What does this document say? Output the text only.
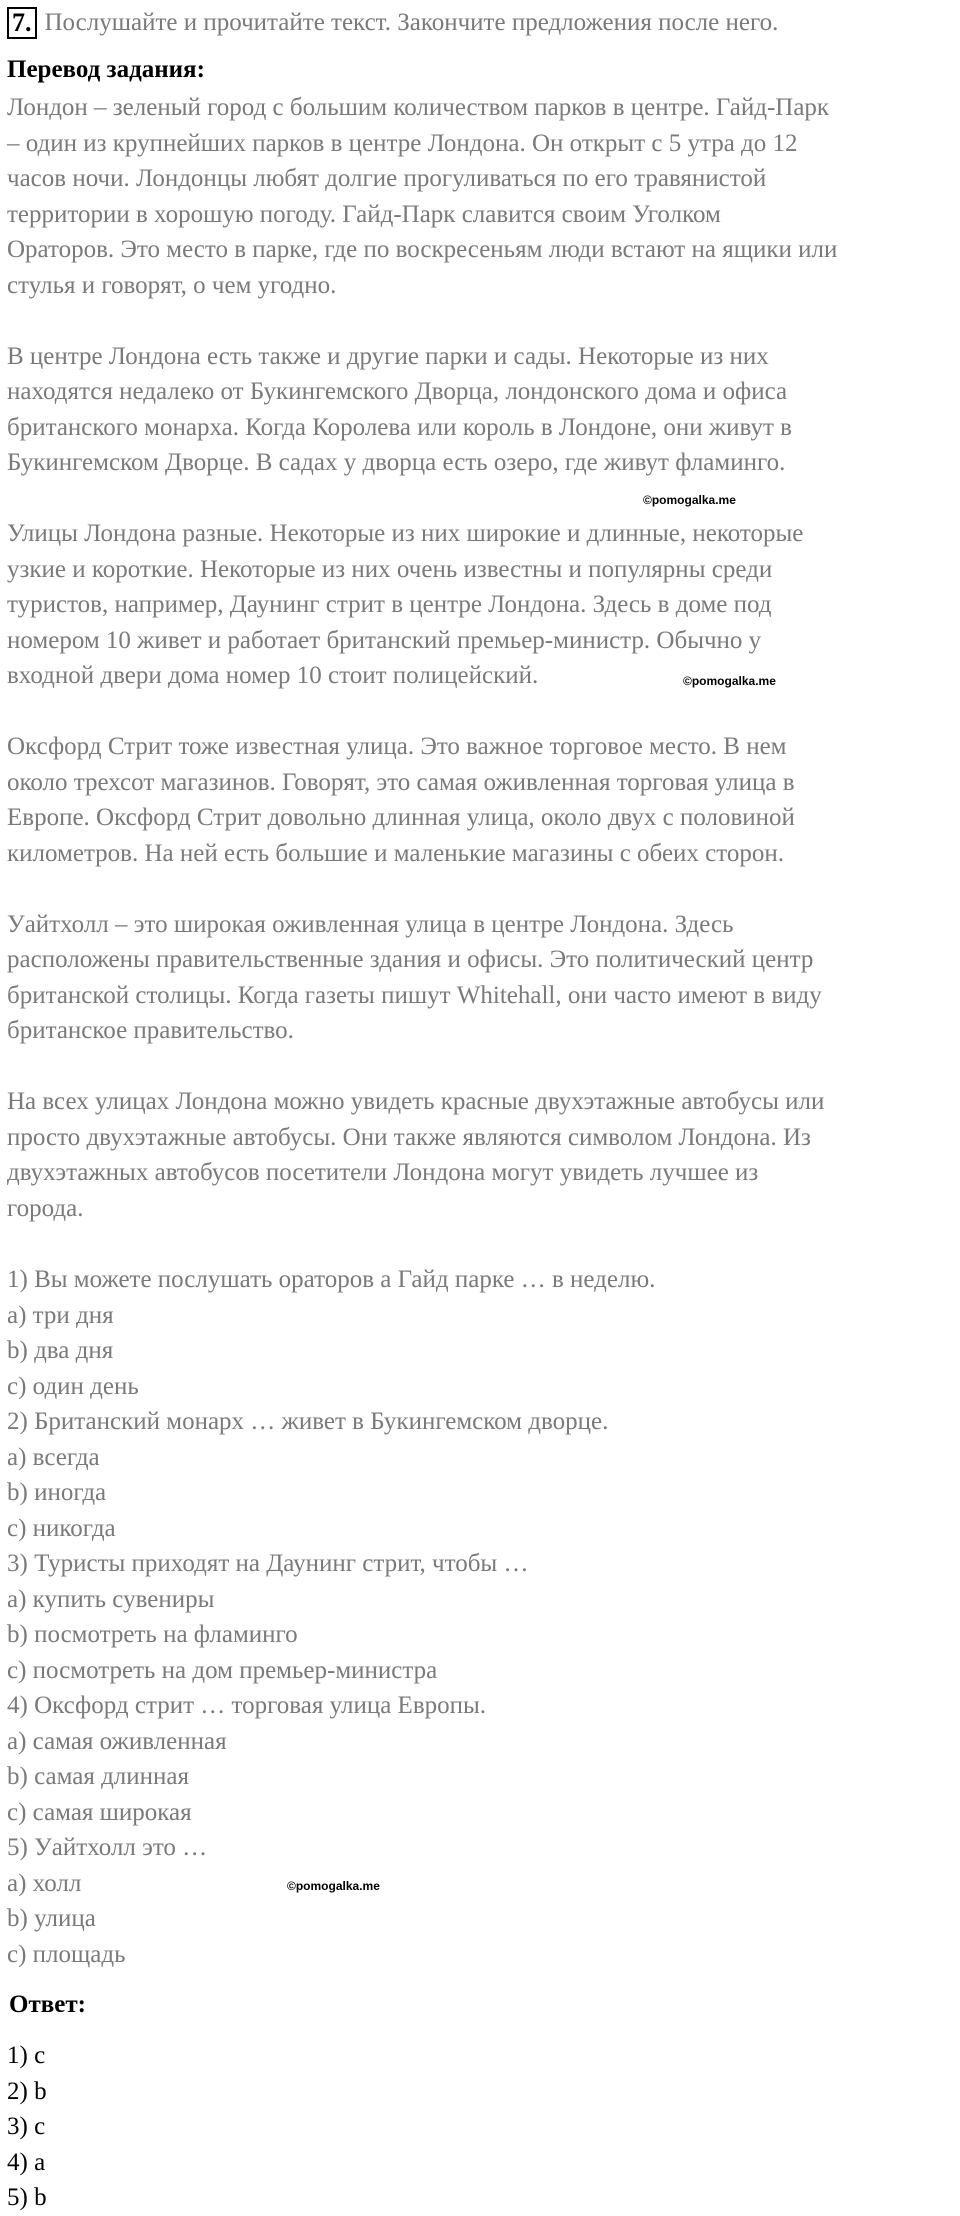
7. Послушайте и прочитайте текст. Закончите предложения после него.
Перевод задания:

Лондон – зеленый город с большим количеством парков в центре. Гайд-Парк
– один из крупнейших парков в центре Лондона. Он открыт с 5 утра до 12
часов ночи. Лондонцы любят долгие прогуливаться по его травянистой
территории в хорошую погоду. Гайд-Парк славится своим Уголком
Ораторов. Это место в парке, где по воскресеньям люди встают на ящики или
стулья и говорят, о чем угодно.

В центре Лондона есть также и другие парки и сады. Некоторые из них
находятся недалеко от Букингемского Дворца, лондонского дома и офиса
британского монарха. Когда Королева или король в Лондоне, они живут в
Букингемском Дворце. В садах у дворца есть озеро, где живут фламинго.

Улицы Лондона разные. Некоторые из них широкие и длинные, некоторые
узкие и короткие. Некоторые из них очень известны и популярны среди
туристов, например, Даунинг стрит в центре Лондона. Здесь в доме под
номером 10 живет и работает британский премьер-министр. Обычно у
входной двери дома номер 10 стоит полицейский.

Оксфорд Стрит тоже известная улица. Это важное торговое место. В нем
около трехсот магазинов. Говорят, это самая оживленная торговая улица в
Европе. Оксфорд Стрит довольно длинная улица, около двух с половиной
километров. На ней есть большие и маленькие магазины с обеих сторон.

Уайтхолл – это широкая оживленная улица в центре Лондона. Здесь
расположены правительственные здания и офисы. Это политический центр
британской столицы. Когда газеты пишут Whitehall, они часто имеют в виду
британское правительство.

На всех улицах Лондона можно увидеть красные двухэтажные автобусы или
просто двухэтажные автобусы. Они также являются символом Лондона. Из
двухэтажных автобусов посетители Лондона могут увидеть лучшее из
города.

1) Вы можете послушать ораторов а Гайд парке … в неделю.
a) три дня
b) два дня
c) один день
2) Британский монарх … живет в Букингемском дворце.
a) всегда
b) иногда
c) никогда
3) Туристы приходят на Даунинг стрит, чтобы …
a) купить сувениры
b) посмотреть на фламинго
c) посмотреть на дом премьер-министра
4) Оксфорд стрит … торговая улица Европы.
a) самая оживленная
b) самая длинная
c) самая широкая
5) Уайтхолл это …
a) холл
b) улица
c) площадь
Ответ:
1) c
2) b
3) c
4) a
5) b
©pomogalka.me
©pomogalka.me
©pomogalka.me
